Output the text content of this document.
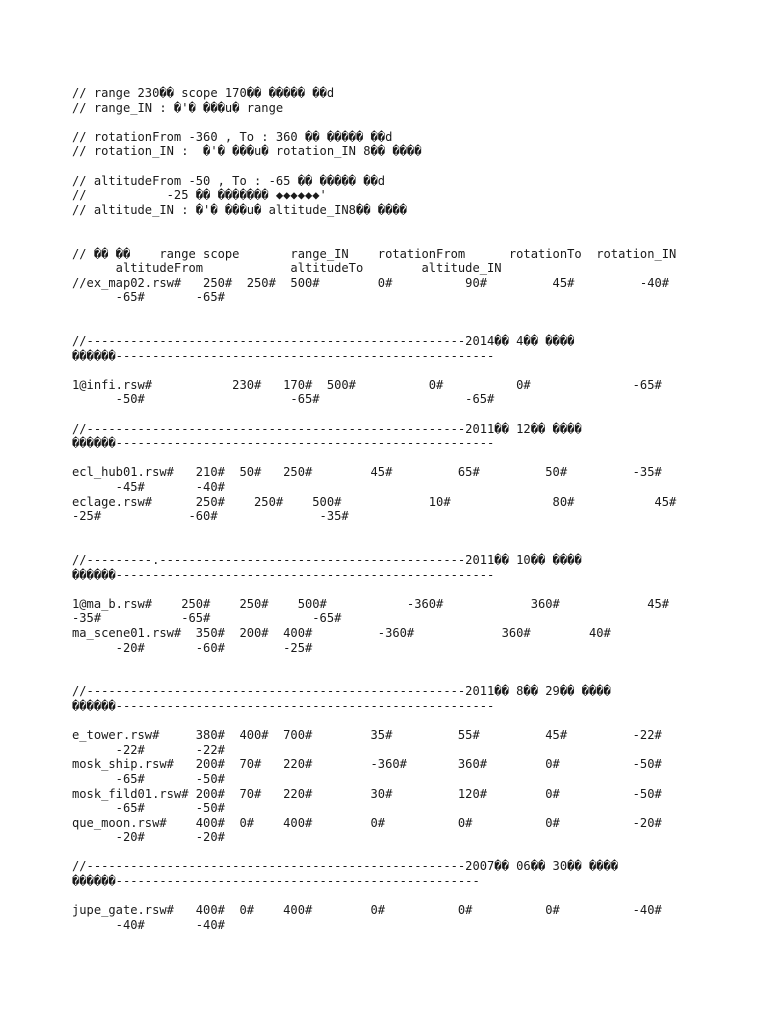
// range 230�� scope 170�� ����� ��d
// range_IN : �'� ���u� range
// rotationFrom -360 , To : 360 �� ����� ��d
// rotation_IN :  �'� ���u� rotation_IN 8�� ����
// altitudeFrom -50 , To : -65 �� ����� ��d
//           -25 �� ������� ◆◆◆◆◆◆'
// altitude_IN : �'� ���u� altitude_IN8�� ����
// �� ��    range scope       range_IN    rotationFrom      rotationTo  rotation_IN
altitudeFrom            altitudeTo        altitude_IN
//ex_map02.rsw#   250#  250#  500#        0#          90#         45#         -40#
-65#       -65#
//----------------------------------------------------2014�� 4�� ����
������----------------------------------------------------
1@infi.rsw#           230#   170#  500#          0#          0#              -65#
-50#                    -65#                    -65#
//----------------------------------------------------2011�� 12�� ����
������----------------------------------------------------
ecl_hub01.rsw#   210#  50#   250#        45#         65#         50#         -35#
-45#       -40#
eclage.rsw#      250#    250#    500#            10#              80#           45#
-25#            -60#              -35#
//---------.------------------------------------------2011�� 10�� ����
������----------------------------------------------------
1@ma_b.rsw#    250#    250#    500#           -360#            360#            45#
-35#           -65#              -65#
ma_scene01.rsw#  350#  200#  400#         -360#            360#        40#
-20#       -60#        -25#
//----------------------------------------------------2011�� 8�� 29�� ����
������----------------------------------------------------
e_tower.rsw#     380#  400#  700#        35#         55#         45#         -22#
-22#       -22#
mosk_ship.rsw#   200#  70#   220#        -360#       360#        0#          -50#
-65#       -50#
mosk_fild01.rsw# 200#  70#   220#        30#         120#        0#          -50#
-65#       -50#
que_moon.rsw#    400#  0#    400#        0#          0#          0#          -20#
-20#       -20#
//----------------------------------------------------2007�� 06�� 30�� ����
������--------------------------------------------------
jupe_gate.rsw#   400#  0#    400#        0#          0#          0#          -40#
-40#       -40#
